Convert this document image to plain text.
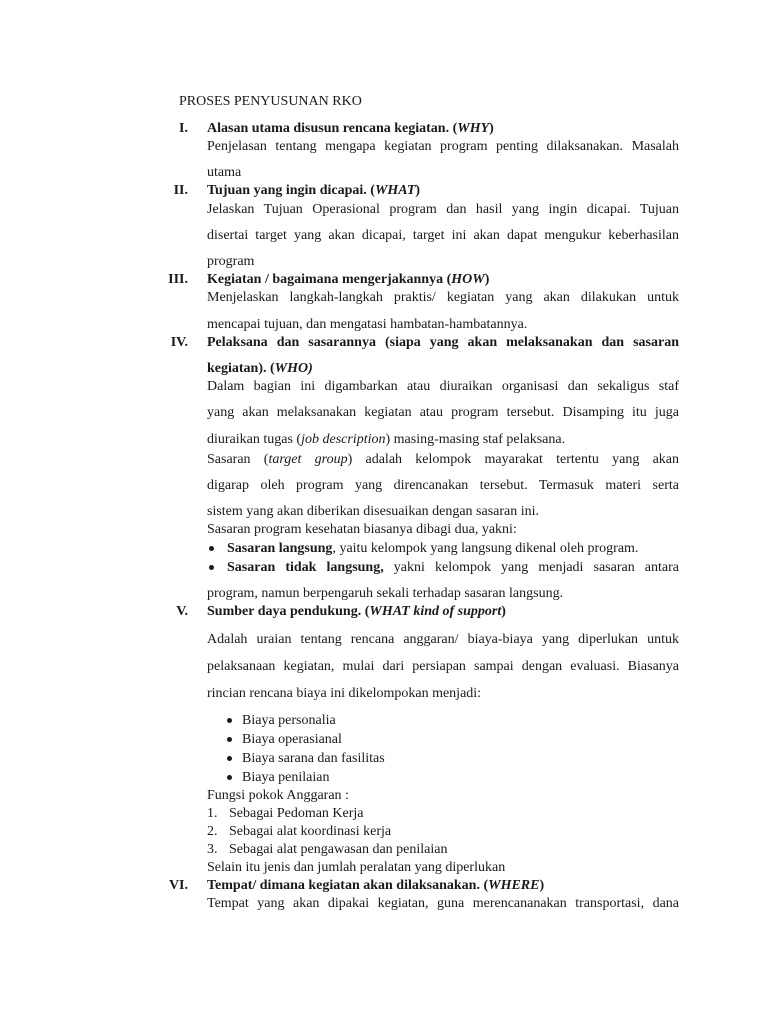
PROSES PENYUSUNAN RKO
I. Alasan utama disusun rencana kegiatan. (WHY)
Penjelasan tentang mengapa kegiatan program penting dilaksanakan. Masalah
utama
II. Tujuan yang ingin dicapai. (WHAT)
Jelaskan Tujuan Operasional program dan hasil yang ingin dicapai. Tujuan
disertai target yang akan dicapai, target ini akan dapat mengukur keberhasilan
program
III. Kegiatan / bagaimana mengerjakannya (HOW)
Menjelaskan langkah-langkah praktis/ kegiatan yang akan dilakukan untuk
mencapai tujuan, dan mengatasi hambatan-hambatannya.
IV. Pelaksana dan sasarannya (siapa yang akan melaksanakan dan sasaran
kegiatan). (WHO)
Dalam bagian ini digambarkan atau diuraikan organisasi dan sekaligus staf
yang akan melaksanakan kegiatan atau program tersebut. Disamping itu juga
diuraikan tugas (job description) masing-masing staf pelaksana.
Sasaran (target group) adalah kelompok mayarakat tertentu yang akan
digarap oleh program yang direncanakan tersebut. Termasuk materi serta
sistem yang akan diberikan disesuaikan dengan sasaran ini.
Sasaran program kesehatan biasanya dibagi dua, yakni:
Sasaran langsung, yaitu kelompok yang langsung dikenal oleh program.
Sasaran tidak langsung, yakni kelompok yang menjadi sasaran antara
program, namun berpengaruh sekali terhadap sasaran langsung.
V. Sumber daya pendukung. (WHAT kind of support)
Adalah uraian tentang rencana anggaran/ biaya-biaya yang diperlukan untuk
pelaksanaan kegiatan, mulai dari persiapan sampai dengan evaluasi. Biasanya
rincian rencana biaya ini dikelompokan menjadi:
Biaya personalia
Biaya operasianal
Biaya sarana dan fasilitas
Biaya penilaian
Fungsi pokok Anggaran :
1. Sebagai Pedoman Kerja
2. Sebagai alat koordinasi kerja
3. Sebagai alat pengawasan dan penilaian
Selain itu jenis dan jumlah peralatan yang diperlukan
VI. Tempat/ dimana kegiatan akan dilaksanakan. (WHERE)
Tempat yang akan dipakai kegiatan, guna merencananakan transportasi, dana
